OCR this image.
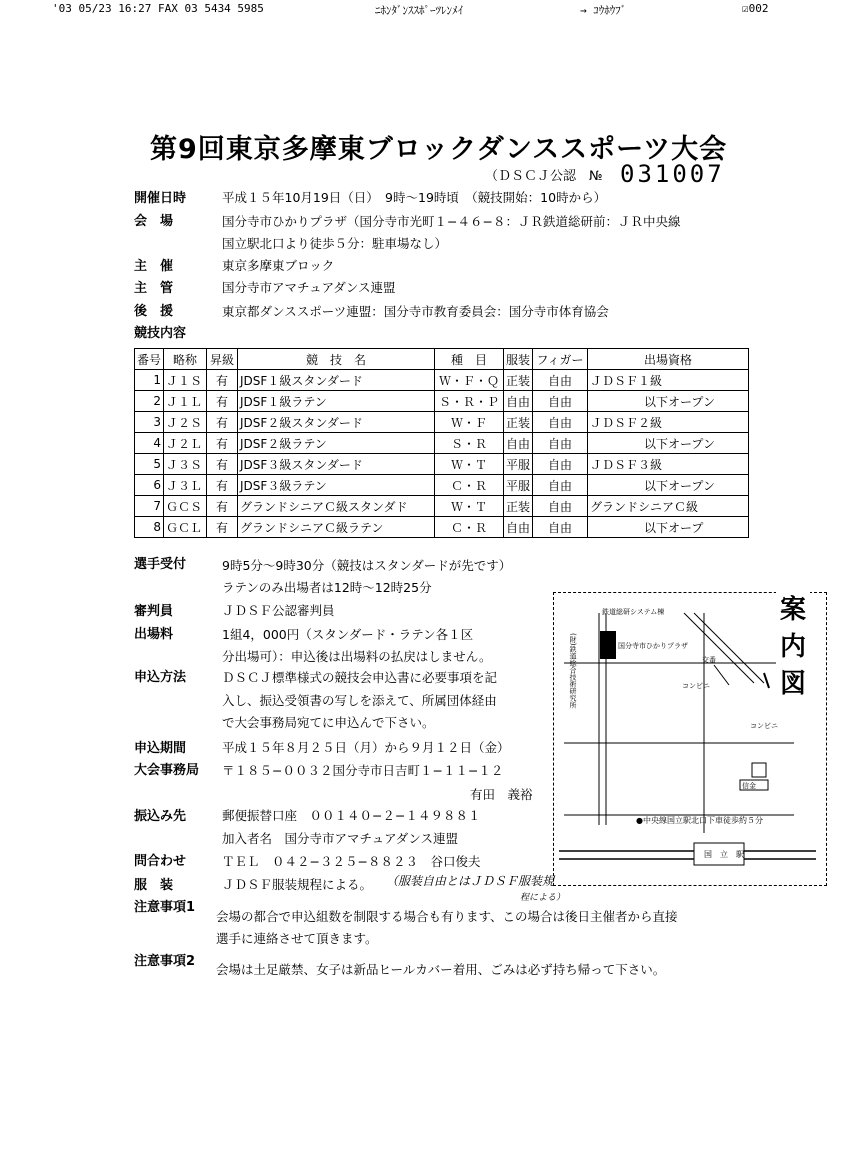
'03 05/23 16:27 FAX 03 5434 5985	ﾆﾎﾝﾀﾞﾝｽｽﾎﾟｰﾂﾚﾝﾒｲ	→ ｺｳﾎｳﾌﾞ	☑002
第9回東京多摩東ブロックダンススポーツ大会
（ＤＳＣＪ公認　№ 031007
開催日時	平成１５年10月19日（日）　9時〜19時頃　（競技開始：10時から）
会　場	国分寺市ひかりプラザ（国分寺市光町１−４６−８：ＪＲ鉄道総研前：ＪＲ中央線
国立駅北口より徒歩５分：駐車場なし）
主　催	東京多摩東ブロック
主　管	国分寺市アマチュアダンス連盟
後　援	東京都ダンススポーツ連盟：国分寺市教育委員会：国分寺市体育協会
競技内容
番号	略称	昇級	競　技　名	種　目	服装	フィガー	出場資格
1	Ｊ１Ｓ	有	JDSF１級スタンダード	Ｗ・Ｆ・Ｑ	正装	自由	ＪＤＳＦ１級
2	Ｊ１Ｌ	有	JDSF１級ラテン	Ｓ・Ｒ・Ｐ	自由	自由	以下オープン
3	Ｊ２Ｓ	有	JDSF２級スタンダード	Ｗ・Ｆ	正装	自由	ＪＤＳＦ２級
4	Ｊ２Ｌ	有	JDSF２級ラテン	Ｓ・Ｒ	自由	自由	以下オープン
5	Ｊ３Ｓ	有	JDSF３級スタンダード	Ｗ・Ｔ	平服	自由	ＪＤＳＦ３級
6	Ｊ３Ｌ	有	JDSF３級ラテン	Ｃ・Ｒ	平服	自由	以下オープン
7	ＧＣＳ	有	グランドシニアＣ級スタンダド	Ｗ・Ｔ	正装	自由	グランドシニアＣ級
8	ＧＣＬ	有	グランドシニアＣ級ラテン	Ｃ・Ｒ	自由	自由	以下オープ
選手受付	9時5分〜9時30分（競技はスタンダードが先です）
ラテンのみ出場者は12時〜12時25分
審判員	ＪＤＳＦ公認審判員
出場料	1組4，000円（スタンダード・ラテン各１区
分出場可）：申込後は出場料の払戻はしません。
申込方法	ＤＳＣＪ標準様式の競技会申込書に必要事項を記
入し、振込受領書の写しを添えて、所属団体経由
で大会事務局宛てに申込んで下さい。
申込期間	平成１５年８月２５日（月）から９月１２日（金）
大会事務局 〒１８５−００３２国分寺市日吉町１−１１−１２
有田　義裕
振込み先	郵便振替口座　００１４０−２−１４９８８１
加入者名　国分寺市アマチュアダンス連盟
問合わせ	ＴＥＬ　０４２−３２５−８８２３　谷口俊夫
服　装	ＪＤＳＦ服装規程による。 （服装自由とはＪＤＳＦ服装規
程による）
注意事項1
会場の都合で申込組数を制限する場合も有ります、この場合は後日主催者から直接
選手に連絡させて頂きます。
注意事項2
会場は土足厳禁、女子は新品ヒールカバー着用、ごみは必ず持ち帰って下さい。
鉄道総研システム棟
国分寺市ひかりプラザ
交番
コンビニ
コンビニ
(財)鉄道総合技術研究所
信金
●中央線国立駅北口下車徒歩約５分
国　立　駅
案
内
図
